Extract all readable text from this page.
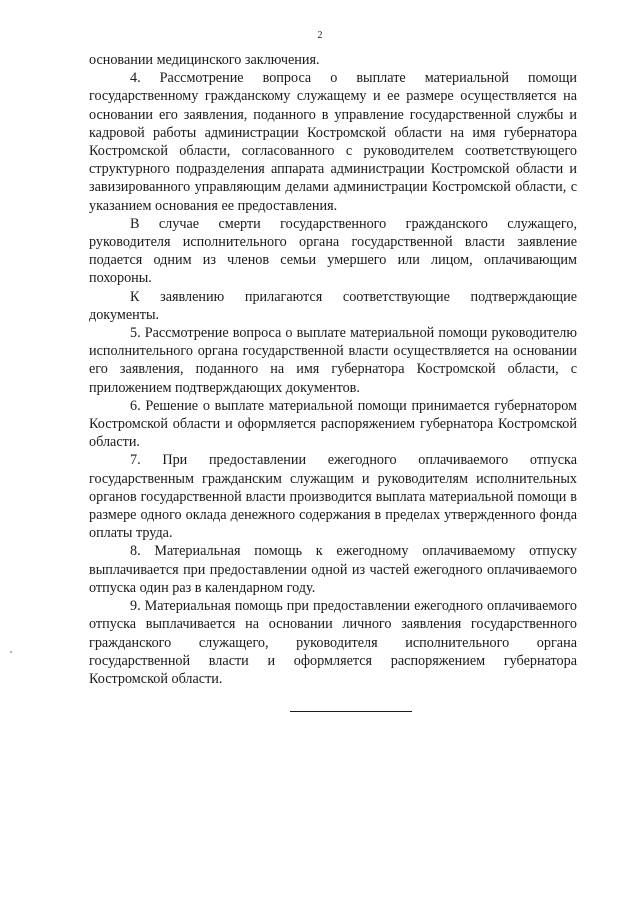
2

основании медицинского заключения.

4. Рассмотрение вопроса о выплате материальной помощи государственному гражданскому служащему и ее размере осуществляется на основании его заявления, поданного в управление государственной службы и кадровой работы администрации Костромской области на имя губернатора Костромской области, согласованного с руководителем соответствующего структурного подразделения аппарата администрации Костромской области и завизированного управляющим делами администрации Костромской области, с указанием основания ее предоставления.

В случае смерти государственного гражданского служащего, руководителя исполнительного органа государственной власти заявление подается одним из членов семьи умершего или лицом, оплачивающим похороны.

К заявлению прилагаются соответствующие подтверждающие документы.

5. Рассмотрение вопроса о выплате материальной помощи руководителю исполнительного органа государственной власти осуществляется на основании его заявления, поданного на имя губернатора Костромской области, с приложением подтверждающих документов.

6. Решение о выплате материальной помощи принимается губернатором Костромской области и оформляется распоряжением губернатора Костромской области.

7. При предоставлении ежегодного оплачиваемого отпуска государственным гражданским служащим и руководителям исполнительных органов государственной власти производится выплата материальной помощи в размере одного оклада денежного содержания в пределах утвержденного фонда оплаты труда.

8. Материальная помощь к ежегодному оплачиваемому отпуску выплачивается при предоставлении одной из частей ежегодного оплачиваемого отпуска один раз в календарном году.

9. Материальная помощь при предоставлении ежегодного оплачиваемого отпуска выплачивается на основании личного заявления государственного гражданского служащего, руководителя исполнительного органа государственной власти и оформляется распоряжением губернатора Костромской области.
